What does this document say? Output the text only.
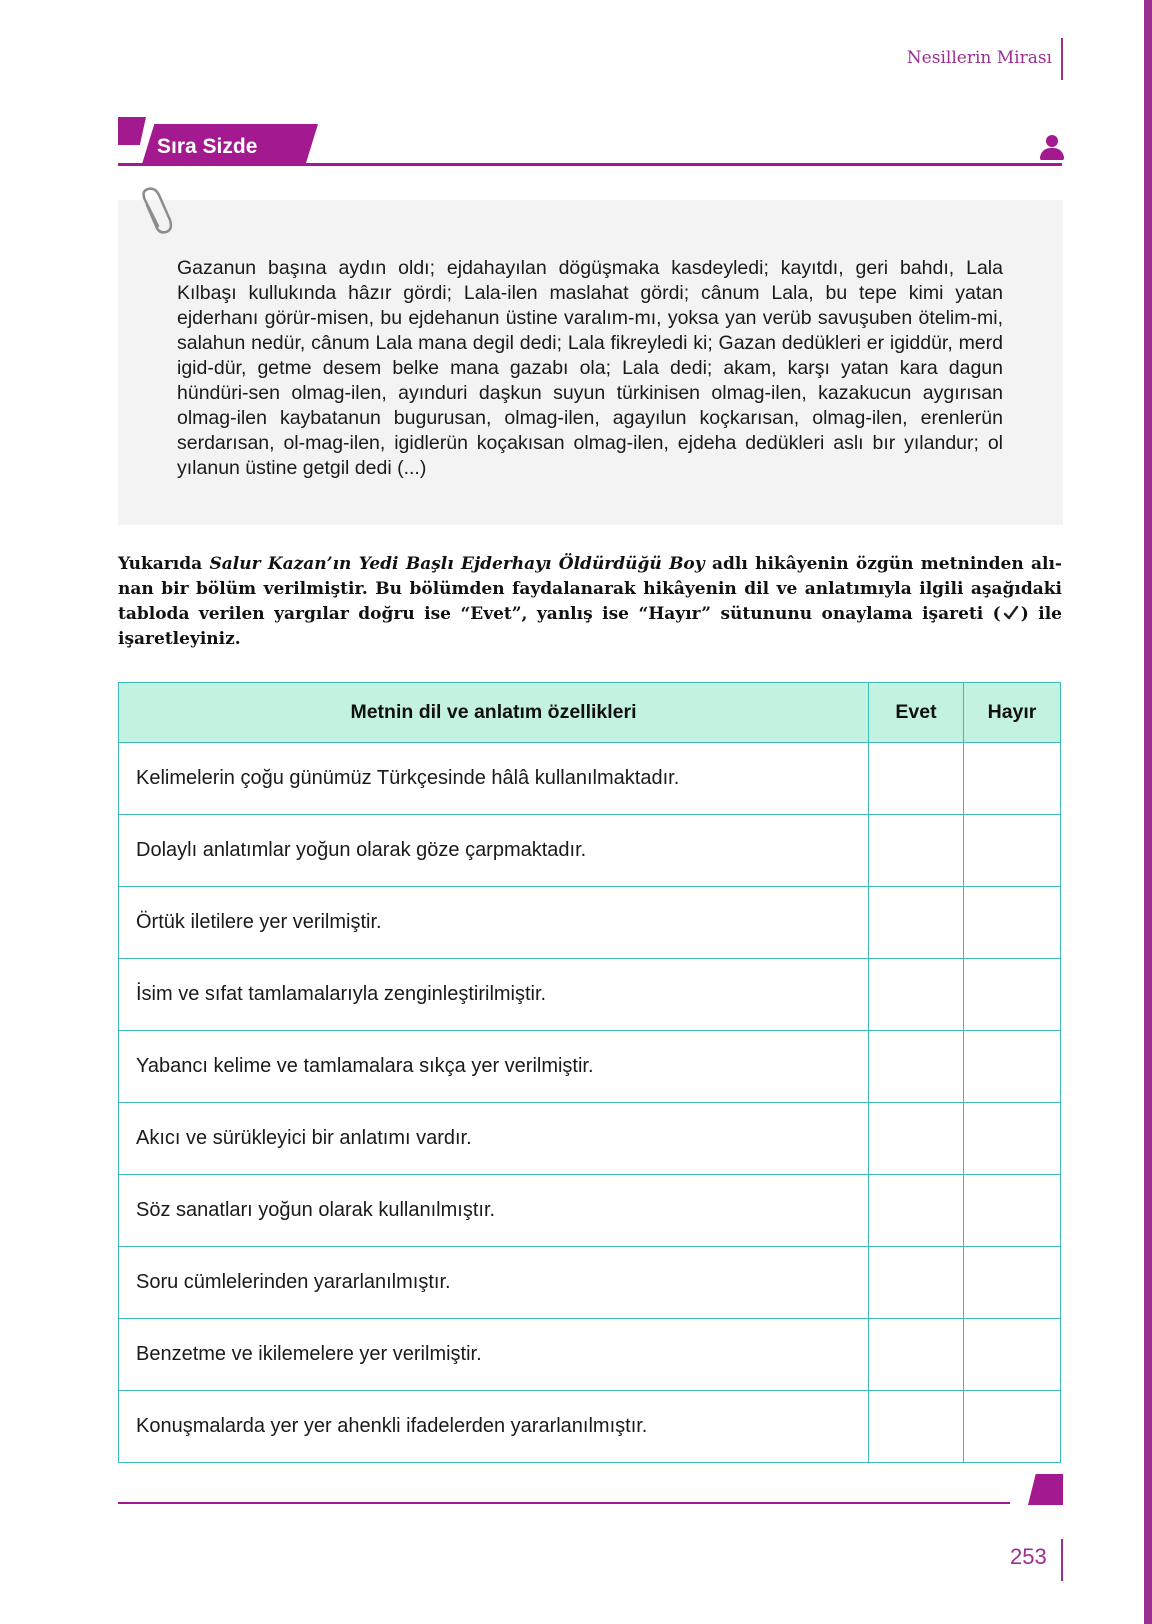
Nesillerin Mirası
Sıra Sizde

Gazanun başına aydın oldı; ejdahayılan dögüşmaka kasdeyledi; kayıtdı, geri bahdı, Lala Kılbaşı kullukında hâzır gördi; Lala-ilen maslahat gördi; cânum Lala, bu tepe kimi yatan ejderhanı görür-misen, bu ejdehanun üstine varalım-mı, yoksa yan verüb savuşuben ötelim-mi, salahun nedür, cânum Lala mana degil dedi; Lala fikreyledi ki; Gazan dedükleri er igiddür, merd igid-dür, getme desem belke mana gazabı ola; Lala dedi; akam, karşı yatan kara dagun hündüri-sen olmag-ilen, ayınduri daşkun suyun türkinisen olmag-ilen, kazakucun aygırısan olmag-ilen kaybatanun bugurusan, olmag-ilen, agayılun koçkarısan, olmag-ilen, erenlerün serdarısan, ol-mag-ilen, igidlerün koçakısan olmag-ilen, ejdeha dedükleri aslı bır yılandur; ol yılanun üstine getgil dedi (...)

Yukarıda Salur Kazan’ın Yedi Başlı Ejderhayı Öldürdüğü Boy adlı hikâyenin özgün metninden alı-nan bir bölüm verilmiştir. Bu bölümden faydalanarak hikâyenin dil ve anlatımıyla ilgili aşağıdaki tabloda verilen yargılar doğru ise “Evet”, yanlış ise “Hayır” sütununu onaylama işareti ( ) ile işaretleyiniz.

Metnin dil ve anlatım özellikleri	Evet	Hayır
Kelimelerin çoğu günümüz Türkçesinde hâlâ kullanılmaktadır.		
Dolaylı anlatımlar yoğun olarak göze çarpmaktadır.		
Örtük iletilere yer verilmiştir.		
İsim ve sıfat tamlamalarıyla zenginleştirilmiştir.		
Yabancı kelime ve tamlamalara sıkça yer verilmiştir.		
Akıcı ve sürükleyici bir anlatımı vardır.		
Söz sanatları yoğun olarak kullanılmıştır.		
Soru cümlelerinden yararlanılmıştır.		
Benzetme ve ikilemelere yer verilmiştir.		
Konuşmalarda yer yer ahenkli ifadelerden yararlanılmıştır.		
253
